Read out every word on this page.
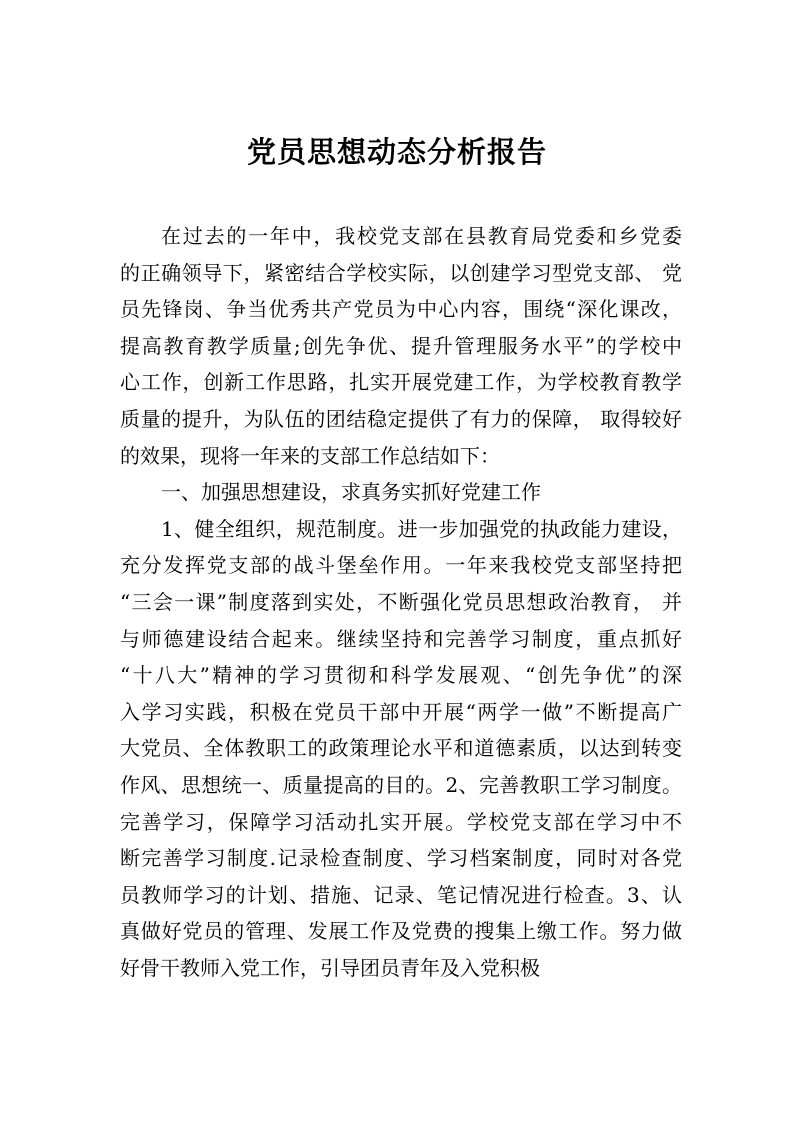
党员思想动态分析报告
在过去的一年中，我校党支部在县教育局党委和乡党委
的正确领导下，紧密结合学校实际，以创建学习型党支部、 党
员先锋岗、争当优秀共产党员为中心内容，围绕“深化课改，
提高教育教学质量;创先争优、提升管理服务水平”的学校中
心工作，创新工作思路，扎实开展党建工作，为学校教育教学
质量的提升，为队伍的团结稳定提供了有力的保障， 取得较好
的效果，现将一年来的支部工作总结如下：
一、加强思想建设，求真务实抓好党建工作
1、健全组织，规范制度。进一步加强党的执政能力建设，
充分发挥党支部的战斗堡垒作用。一年来我校党支部坚持把
“三会一课”制度落到实处，不断强化党员思想政治教育， 并
与师德建设结合起来。继续坚持和完善学习制度，重点抓好
“十八大”精神的学习贯彻和科学发展观、“创先争优”的深
入学习实践，积极在党员干部中开展“两学一做”不断提高广
大党员、全体教职工的政策理论水平和道德素质，以达到转变
作风、思想统一、质量提高的目的。2、完善教职工学习制度。
完善学习，保障学习活动扎实开展。学校党支部在学习中不
断完善学习制度.记录检查制度、学习档案制度，同时对各党
员教师学习的计划、措施、记录、笔记情况进行检查。3、认
真做好党员的管理、发展工作及党费的搜集上缴工作。努力做
好骨干教师入党工作，引导团员青年及入党积极
